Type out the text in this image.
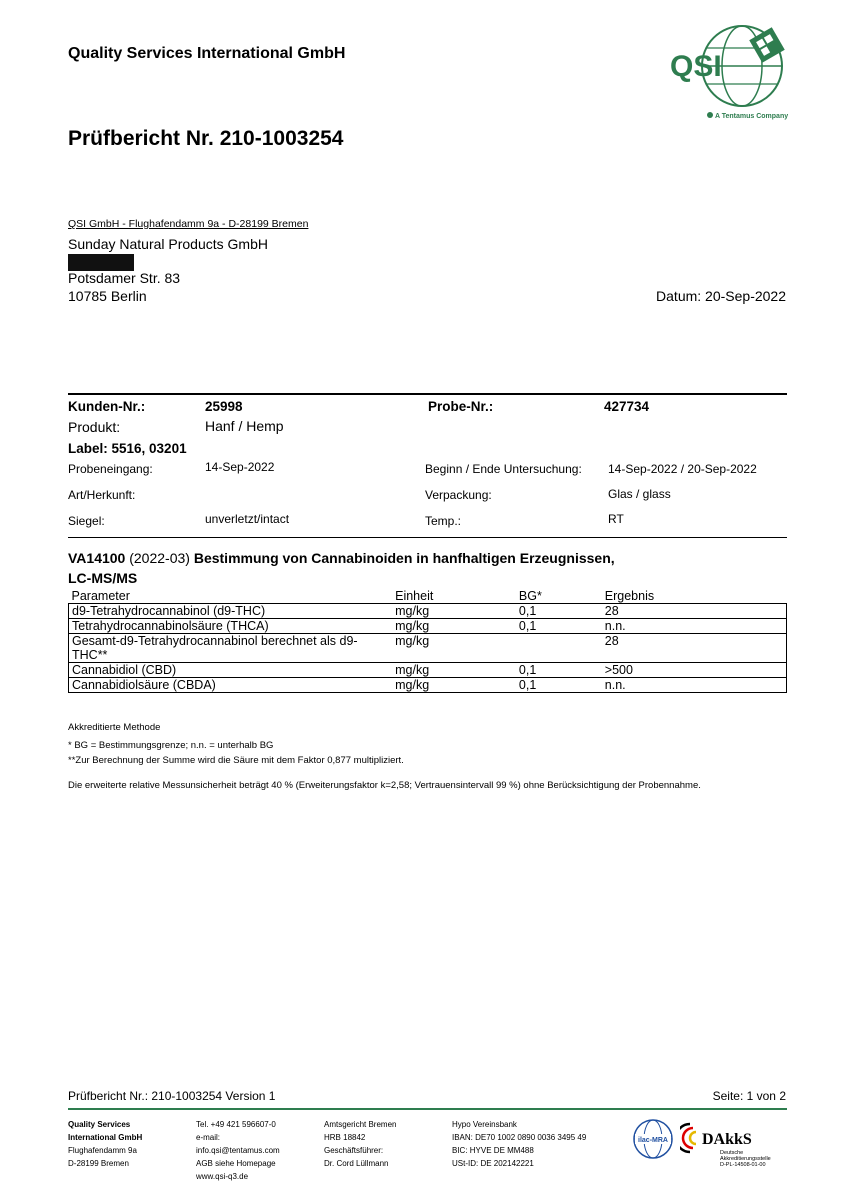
Quality Services International GmbH	QSI
A Tentamus Company
Prüfbericht Nr. 210-1003254
QSI GmbH - Flughafendamm 9a - D-28199 Bremen
Sunday Natural Products GmbH
Potsdamer Str. 83
10785 Berlin	Datum: 20-Sep-2022
Kunden-Nr.:	25998	Probe-Nr.:	427734
Produkt:	Hanf / Hemp
Label: 5516, 03201
Probeneingang:	14-Sep-2022	Beginn / Ende Untersuchung: 14-Sep-2022 / 20-Sep-2022
Art/Herkunft:	Verpackung:	Glas / glass
Siegel:	unverletzt/intact	Temp.:	RT
VA14100 (2022-03) Bestimmung von Cannabinoiden in hanfhaltigen Erzeugnissen,
LC-MS/MS
Parameter	Einheit	BG*	Ergebnis
d9-Tetrahydrocannabinol (d9-THC)	mg/kg	0,1	28
Tetrahydrocannabinolsäure (THCA)	mg/kg	0,1	n.n.
Gesamt-d9-Tetrahydrocannabinol berechnet als d9-THC**	mg/kg		28
Cannabidiol (CBD)	mg/kg	0,1	>500
Cannabidiolsäure (CBDA)	mg/kg	0,1	n.n.
Akkreditierte Methode
* BG = Bestimmungsgrenze; n.n. = unterhalb BG
**Zur Berechnung der Summe wird die Säure mit dem Faktor 0,877 multipliziert.
Die erweiterte relative Messunsicherheit beträgt 40 % (Erweiterungsfaktor k=2,58; Vertrauensintervall 99 %) ohne Berücksichtigung der Probennahme.
Prüfbericht Nr.: 210-1003254 Version 1	Seite: 1 von 2
Quality Services
International GmbH
Flughafendamm 9a
D-28199 Bremen
Tel. +49 421 596607-0
e-mail:
info.qsi@tentamus.com
AGB siehe Homepage
www.qsi-q3.de
Amtsgericht Bremen
HRB 18842
Geschäftsführer:
Dr. Cord Lüllmann
Hypo Vereinsbank
IBAN: DE70 1002 0890 0036 3495 49
BIC: HYVE DE MM488
USt-ID: DE 202142221
ilac-MRA DAkkS
Deutsche
Akkreditierungsstelle
D-PL-14508-01-00
